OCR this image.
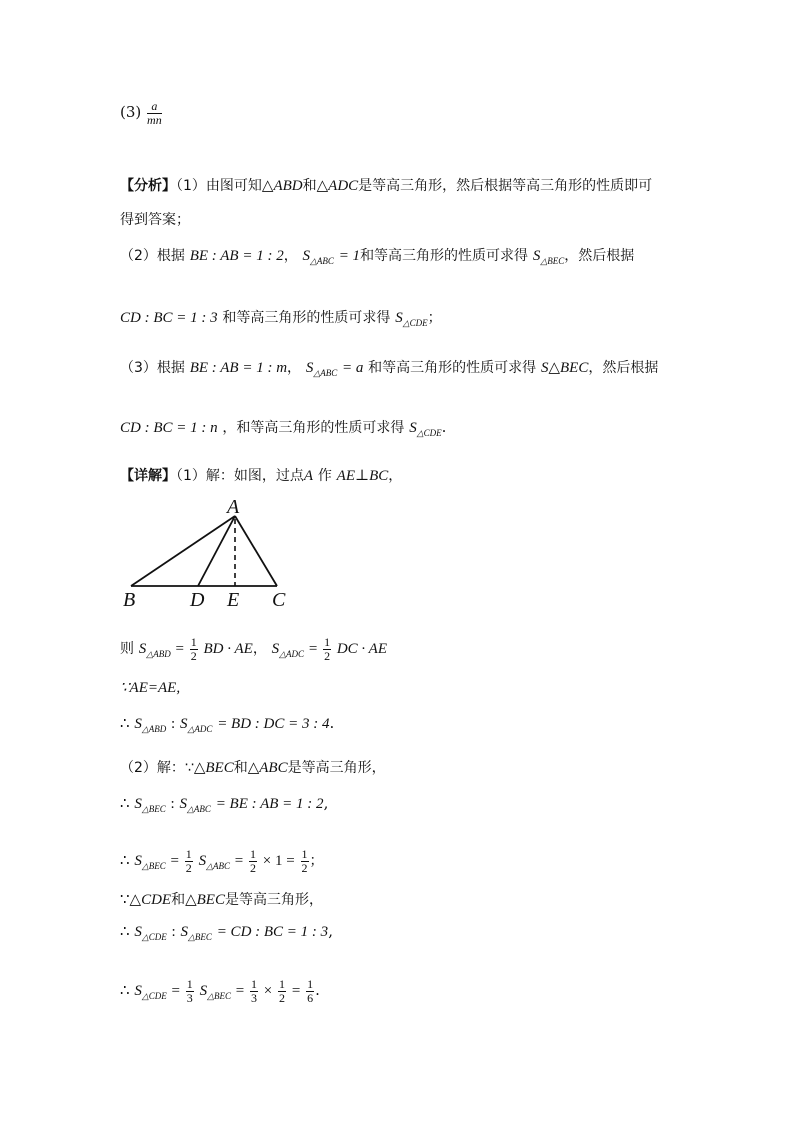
$(3) \frac{a}{mn}$
【分析】（1）由图可知△ABD和△ADC是等高三角形，然后根据等高三角形的性质即可
得到答案；
（2）根据 BE : AB = 1 : 2， $S_{\triangle ABC} = 1$和等高三角形的性质可求得 $S_{\triangle BEC}$，然后根据
CD : BC = 1 : 3 和等高三角形的性质可求得 $S_{\triangle CDE}$；
（3）根据 BE : AB = 1 : m， $S_{\triangle ABC} = a$ 和等高三角形的性质可求得 S△BEC，然后根据
CD : BC = 1 : n ，和等高三角形的性质可求得 $S_{\triangle CDE}$.
【详解】（1）解：如图，过点A 作 AE⊥BC，
A
B	D E C
则 $S_{\triangle ABD} = \frac{1}{2}$ BD · AE， $S_{\triangle ADC} = \frac{1}{2}$ DC · AE
∵AE=AE,
∴ $S_{\triangle ABD}$ : $S_{\triangle ADC}$ = BD : DC = 3 : 4.
（2）解：∵△BEC和△ABC是等高三角形，
∴ $S_{\triangle BEC}$ : $S_{\triangle ABC}$ = BE : AB = 1 : 2,
∴ $S_{\triangle BEC} = \frac{1}{2} S_{\triangle ABC} = \frac{1}{2} \times 1 = \frac{1}{2}$ ；
∵△CDE和△BEC是等高三角形，
∴ $S_{\triangle CDE}$ : $S_{\triangle BEC}$ = CD : BC = 1 : 3,
∴ $S_{\triangle CDE} = \frac{1}{3} S_{\triangle BEC} = \frac{1}{3} \times \frac{1}{2} = \frac{1}{6}$ .
